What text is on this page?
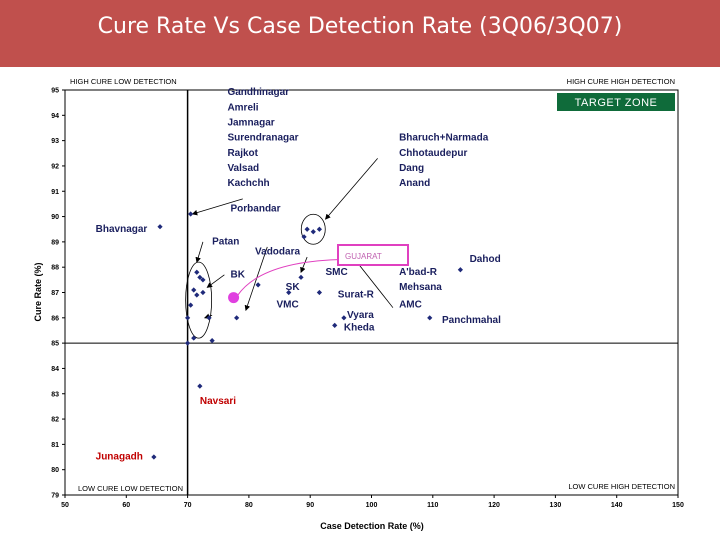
Cure Rate Vs Case Detection Rate (3Q06/3Q07)
50	60	70	80	90	100	110	120	130	140	150
79
80
81
82
83
84
85
86
87
88
89
90
91
92
93
94
95	Gandhinagar
Amreli
Jamnagar
Surendranagar
Rajkot
Valsad
Kachchh
Bharuch+Narmada
Chhotaudepur
Dang
Anand
Porbandar
Bhavnagar
Patan
Vadodara
BK
SK
VMC
SMC
Surat-R
A'bad-R
Mehsana
AMC
Dahod
Vyara
Kheda
Panchmahal
Navsari
Junagadh
HIGH CURE LOW DETECTION	HIGH CURE HIGH DETECTION
LOW CURE LOW DETECTION	LOW CURE HIGH DETECTION
TARGET ZONE
GUJARAT
Case Detection Rate (%)
Cure Rate (%)
